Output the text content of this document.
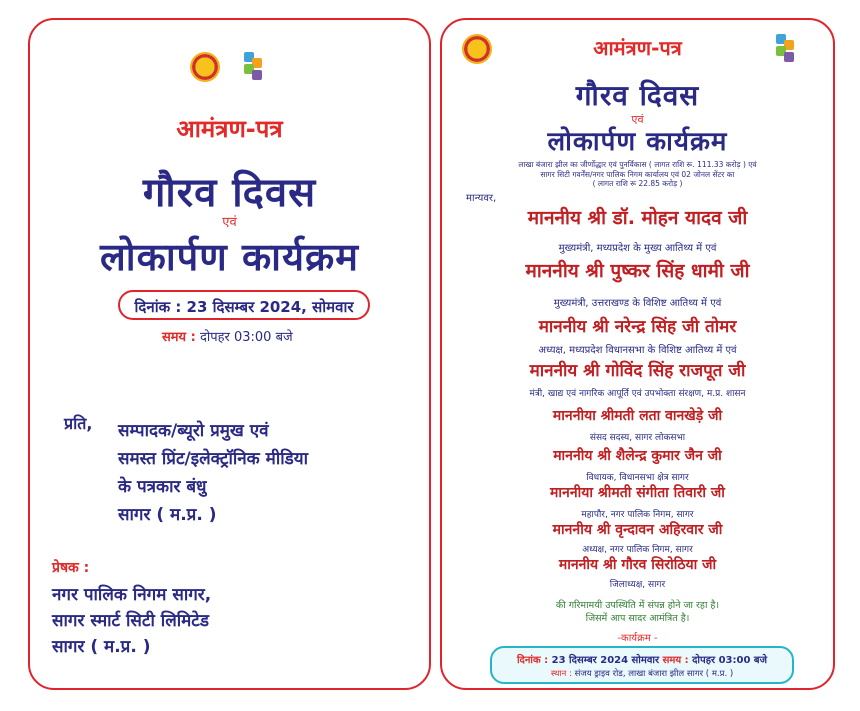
आमंत्रण-पत्र
गौरव दिवस
एवं
लोकार्पण कार्यक्रम
दिनांक : 23 दिसम्बर 2024, सोमवार
समय : दोपहर 03:00 बजे
प्रति, सम्पादक/ब्यूरो प्रमुख एवं
समस्त प्रिंट/इलेक्ट्रॉनिक मीडिया
के पत्रकार बंधु
सागर ( म.प्र. )
प्रेषक :
नगर पालिक निगम सागर,
सागर स्मार्ट सिटी लिमिटेड
सागर ( म.प्र. )
आमंत्रण-पत्र
गौरव दिवस
एवं
लोकार्पण कार्यक्रम
लाखा बंजारा झील का जीर्णोद्धार एवं पुनर्विकास ( लागत राशि रू. 111.33 करोड़ ) एवं
सागर सिटी गवर्नेंस/नगर पालिक निगम कार्यालय एवं 02 जोनल सेंटर का
( लागत राशि रू 22.85 करोड़ )
मान्यवर,
माननीय श्री डॉ. मोहन यादव जी
मुख्यमंत्री, मध्यप्रदेश के मुख्य आतिथ्य में एवं
माननीय श्री पुष्कर सिंह धामी जी
मुख्यमंत्री, उत्तराखण्ड के विशिष्ट आतिथ्य में एवं
माननीय श्री नरेन्द्र सिंह जी तोमर
अध्यक्ष, मध्यप्रदेश विधानसभा के विशिष्ट आतिथ्य में एवं
माननीय श्री गोविंद सिंह राजपूत जी
मंत्री, खाद्य एवं नागरिक आपूर्ति एवं उपभोक्ता संरक्षण, म.प्र. शासन
माननीया श्रीमती लता वानखेड़े जी
संसद सदस्य, सागर लोकसभा
माननीय श्री शैलेन्द्र कुमार जैन जी
विधायक, विधानसभा क्षेत्र सागर
माननीया श्रीमती संगीता तिवारी जी
महापौर, नगर पालिक निगम, सागर
माननीय श्री वृन्दावन अहिरवार जी
अध्यक्ष, नगर पालिक निगम, सागर
माननीय श्री गौरव सिरोठिया जी
जिलाध्यक्ष, सागर
की गरिमामयी उपस्थिति में संपन्न होने जा रहा है।
जिसमें आप सादर आमंत्रित है।
-कार्यक्रम -
दिनांक : 23 दिसम्बर 2024 सोमवार समय : दोपहर 03:00 बजे
स्थान : संजय ड्राइव रोड, लाखा बंजारा झील सागर ( म.प्र. )
